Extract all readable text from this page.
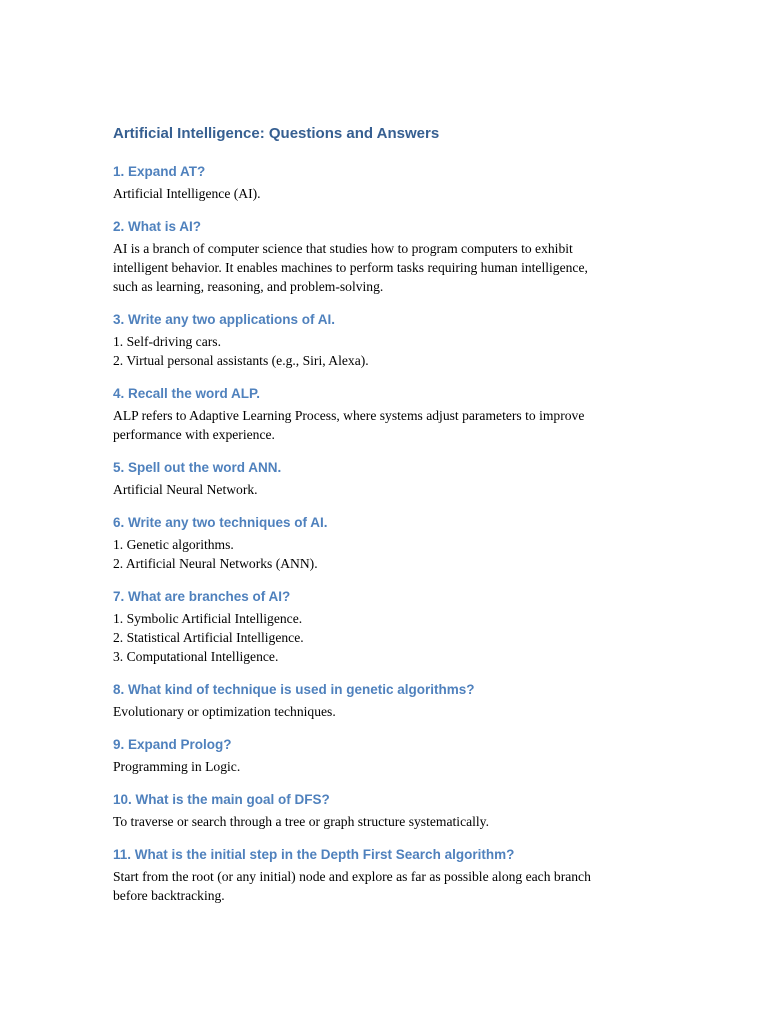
Artificial Intelligence: Questions and Answers
1. Expand AT?

Artificial Intelligence (AI).

2. What is AI?

AI is a branch of computer science that studies how to program computers to exhibit
intelligent behavior. It enables machines to perform tasks requiring human intelligence,
such as learning, reasoning, and problem-solving.

3. Write any two applications of AI.

1. Self-driving cars.
2. Virtual personal assistants (e.g., Siri, Alexa).

4. Recall the word ALP.

ALP refers to Adaptive Learning Process, where systems adjust parameters to improve
performance with experience.

5. Spell out the word ANN.

Artificial Neural Network.

6. Write any two techniques of AI.

1. Genetic algorithms.
2. Artificial Neural Networks (ANN).

7. What are branches of AI?

1. Symbolic Artificial Intelligence.
2. Statistical Artificial Intelligence.
3. Computational Intelligence.

8. What kind of technique is used in genetic algorithms?

Evolutionary or optimization techniques.

9. Expand Prolog?

Programming in Logic.

10. What is the main goal of DFS?

To traverse or search through a tree or graph structure systematically.

11. What is the initial step in the Depth First Search algorithm?

Start from the root (or any initial) node and explore as far as possible along each branch
before backtracking.
